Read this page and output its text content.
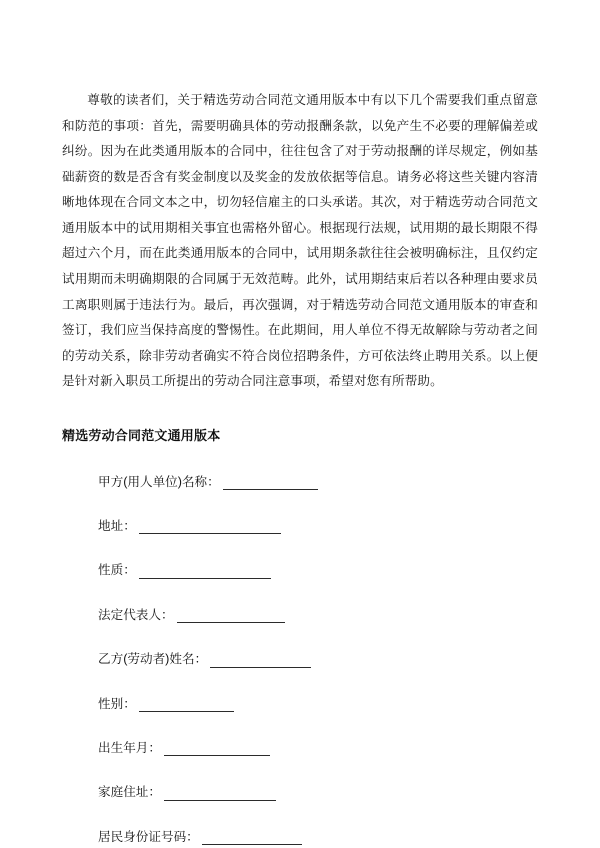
尊敬的读者们，关于精选劳动合同范文通用版本中有以下几个需要我们重点留意和防范的事项：首先，需要明确具体的劳动报酬条款，以免产生不必要的理解偏差或纠纷。因为在此类通用版本的合同中，往往包含了对于劳动报酬的详尽规定，例如基础薪资的数是否含有奖金制度以及奖金的发放依据等信息。请务必将这些关键内容清晰地体现在合同文本之中，切勿轻信雇主的口头承诺。其次，对于精选劳动合同范文通用版本中的试用期相关事宜也需格外留心。根据现行法规，试用期的最长期限不得超过六个月，而在此类通用版本的合同中，试用期条款往往会被明确标注，且仅约定试用期而未明确期限的合同属于无效范畴。此外，试用期结束后若以各种理由要求员工离职则属于违法行为。最后，再次强调，对于精选劳动合同范文通用版本的审查和签订，我们应当保持高度的警惕性。在此期间，用人单位不得无故解除与劳动者之间的劳动关系，除非劳动者确实不符合岗位招聘条件，方可依法终止聘用关系。以上便是针对新入职员工所提出的劳动合同注意事项，希望对您有所帮助。

精选劳动合同范文通用版本
甲方(用人单位)名称：
地址：
性质：
法定代表人：
乙方(劳动者)姓名：
性别：
出生年月：
家庭住址：
居民身份证号码：
